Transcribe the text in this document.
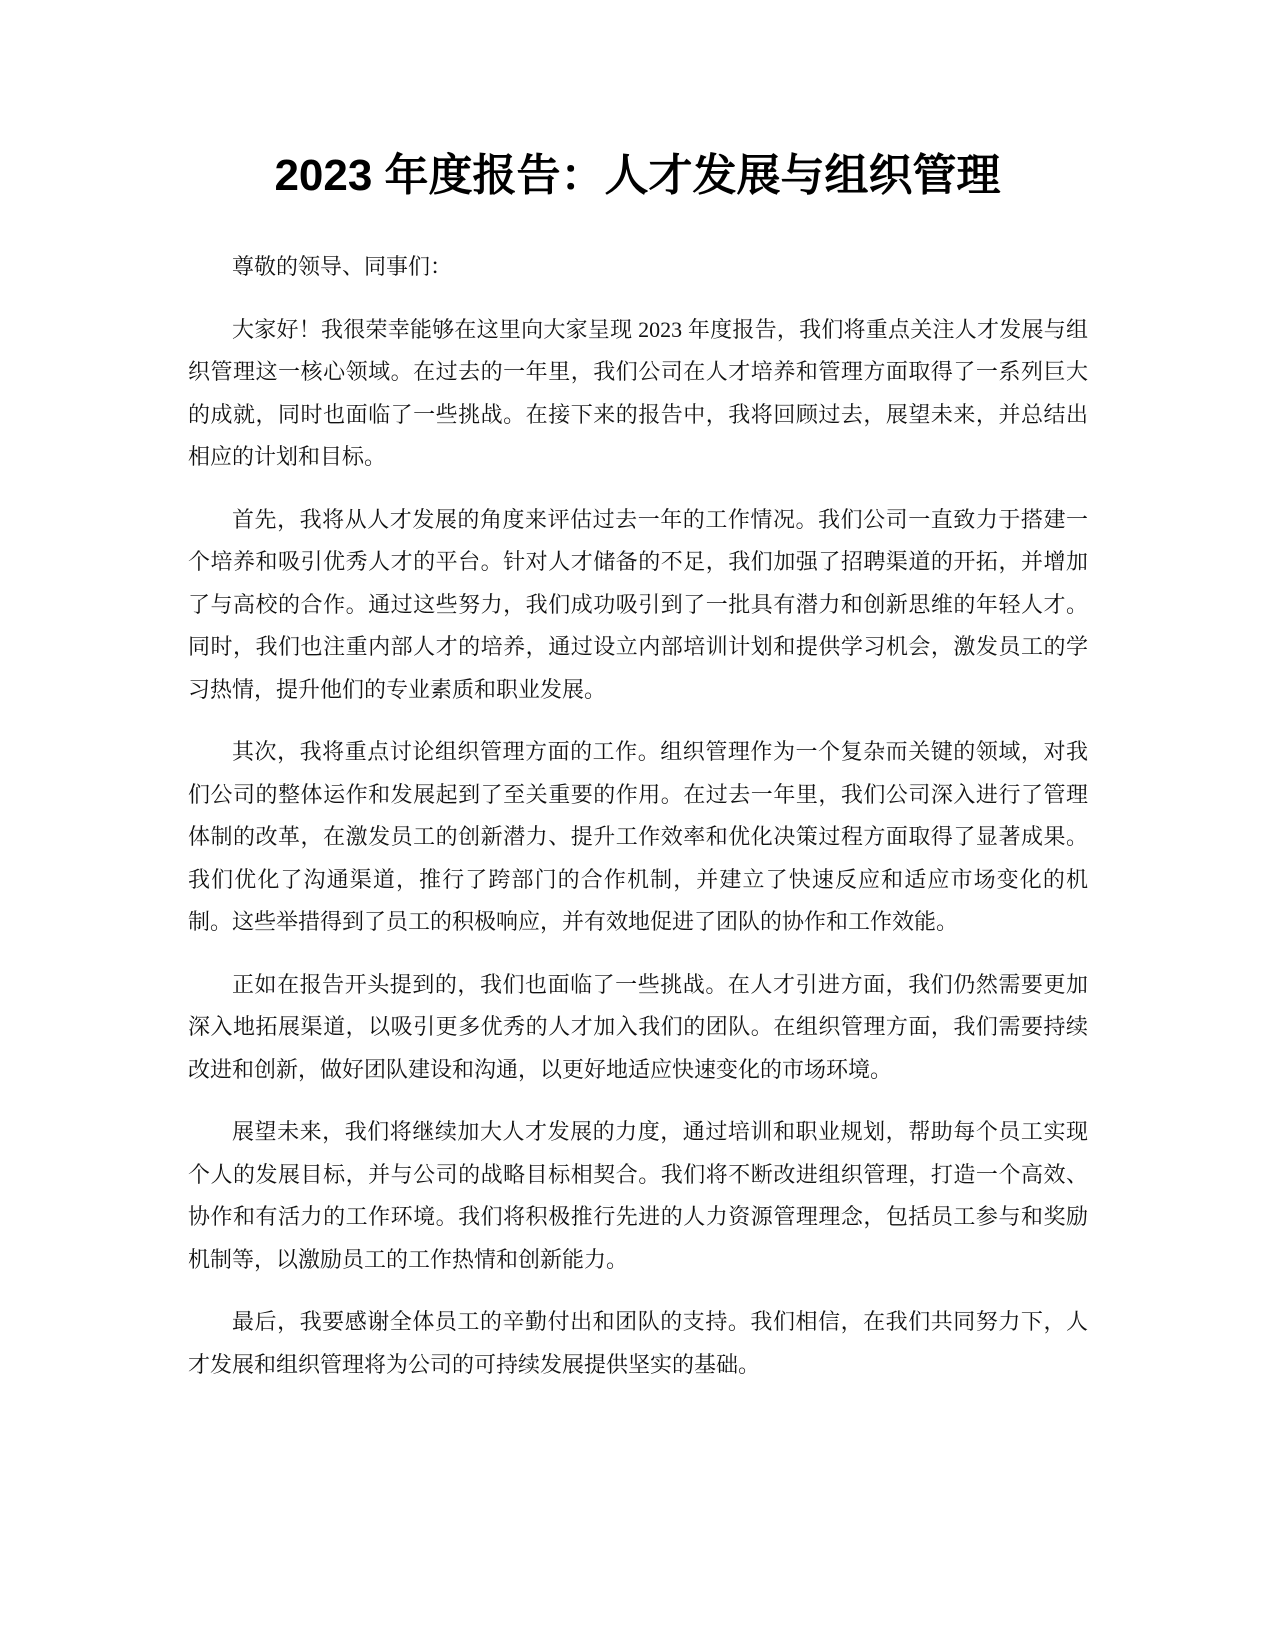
2023 年度报告：人才发展与组织管理

尊敬的领导、同事们：

大家好！我很荣幸能够在这里向大家呈现 2023 年度报告，我们将重点关注人才发展与组织管理这一核心领域。在过去的一年里，我们公司在人才培养和管理方面取得了一系列巨大的成就，同时也面临了一些挑战。在接下来的报告中，我将回顾过去，展望未来，并总结出相应的计划和目标。

首先，我将从人才发展的角度来评估过去一年的工作情况。我们公司一直致力于搭建一个培养和吸引优秀人才的平台。针对人才储备的不足，我们加强了招聘渠道的开拓，并增加了与高校的合作。通过这些努力，我们成功吸引到了一批具有潜力和创新思维的年轻人才。同时，我们也注重内部人才的培养，通过设立内部培训计划和提供学习机会，激发员工的学习热情，提升他们的专业素质和职业发展。

其次，我将重点讨论组织管理方面的工作。组织管理作为一个复杂而关键的领域，对我们公司的整体运作和发展起到了至关重要的作用。在过去一年里，我们公司深入进行了管理体制的改革，在激发员工的创新潜力、提升工作效率和优化决策过程方面取得了显著成果。我们优化了沟通渠道，推行了跨部门的合作机制，并建立了快速反应和适应市场变化的机制。这些举措得到了员工的积极响应，并有效地促进了团队的协作和工作效能。

正如在报告开头提到的，我们也面临了一些挑战。在人才引进方面，我们仍然需要更加深入地拓展渠道，以吸引更多优秀的人才加入我们的团队。在组织管理方面，我们需要持续改进和创新，做好团队建设和沟通，以更好地适应快速变化的市场环境。

展望未来，我们将继续加大人才发展的力度，通过培训和职业规划，帮助每个员工实现个人的发展目标，并与公司的战略目标相契合。我们将不断改进组织管理，打造一个高效、协作和有活力的工作环境。我们将积极推行先进的人力资源管理理念，包括员工参与和奖励机制等，以激励员工的工作热情和创新能力。

最后，我要感谢全体员工的辛勤付出和团队的支持。我们相信，在我们共同努力下，人才发展和组织管理将为公司的可持续发展提供坚实的基础。
